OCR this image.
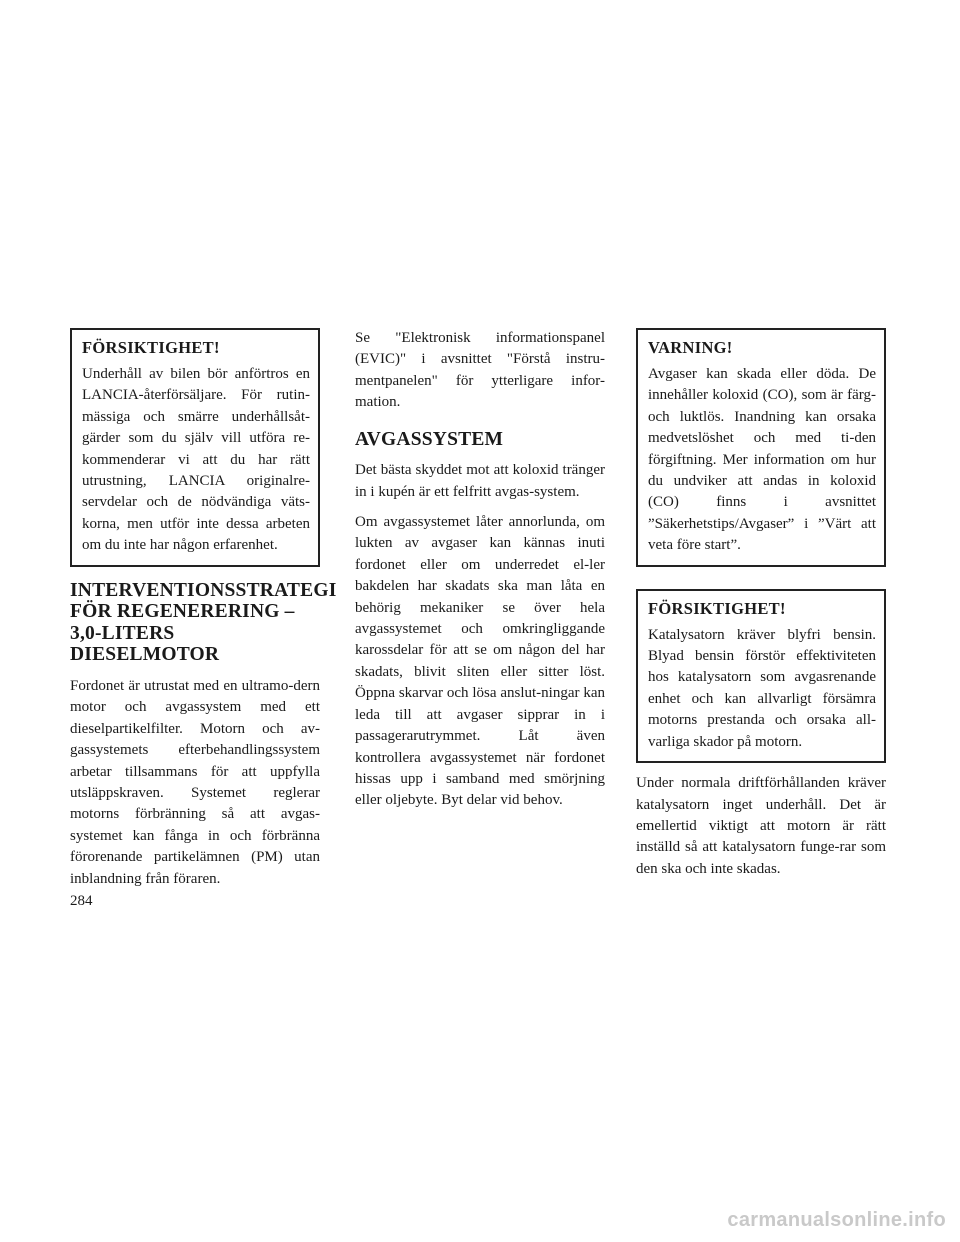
FÖRSIKTIGHET!

Underhåll av bilen bör anförtros en LANCIA-återförsäljare. För rutin-mässiga och smärre underhållsåt-gärder som du själv vill utföra re-kommenderar vi att du har rätt utrustning, LANCIA originalre-servdelar och de nödvändiga väts-korna, men utför inte dessa arbeten om du inte har någon erfarenhet.

INTERVENTIONSSTRATEGI
FÖR REGENERERING –
3,0-LITERS
DIESELMOTOR

Fordonet är utrustat med en ultramo-dern motor och avgassystem med ett dieselpartikelfilter. Motorn och av-gassystemets efterbehandlingssystem arbetar tillsammans för att uppfylla utsläppskraven. Systemet reglerar motorns förbränning så att avgas-systemet kan fånga in och förbränna förorenande partikelämnen (PM) utan inblandning från föraren.

Se "Elektronisk informationspanel (EVIC)" i avsnittet "Förstå instru-mentpanelen" för ytterligare infor-mation.

AVGASSYSTEM

Det bästa skyddet mot att koloxid tränger in i kupén är ett felfritt avgas-system.

Om avgassystemet låter annorlunda, om lukten av avgaser kan kännas inuti fordonet eller om underredet el-ler bakdelen har skadats ska man låta en behörig mekaniker se över hela avgassystemet och omkringliggande karossdelar för att se om någon del har skadats, blivit sliten eller sitter löst. Öppna skarvar och lösa anslut-ningar kan leda till att avgaser sipprar in i passagerarutrymmet. Låt även kontrollera avgassystemet när fordonet hissas upp i samband med smörjning eller oljebyte. Byt delar vid behov.

VARNING!

Avgaser kan skada eller döda. De innehåller koloxid (CO), som är färg- och luktlös. Inandning kan orsaka medvetslöshet och med ti-den förgiftning. Mer information om hur du undviker att andas in koloxid (CO) finns i avsnittet ”Säkerhetstips/Avgaser” i ”Värt att veta före start”.

FÖRSIKTIGHET!

Katalysatorn kräver blyfri bensin. Blyad bensin förstör effektiviteten hos katalysatorn som avgasrenande enhet och kan allvarligt försämra motorns prestanda och orsaka all-varliga skador på motorn.

Under normala driftförhållanden kräver katalysatorn inget underhåll. Det är emellertid viktigt att motorn är rätt inställd så att katalysatorn funge-rar som den ska och inte skadas.

284
carmanualsonline.info
